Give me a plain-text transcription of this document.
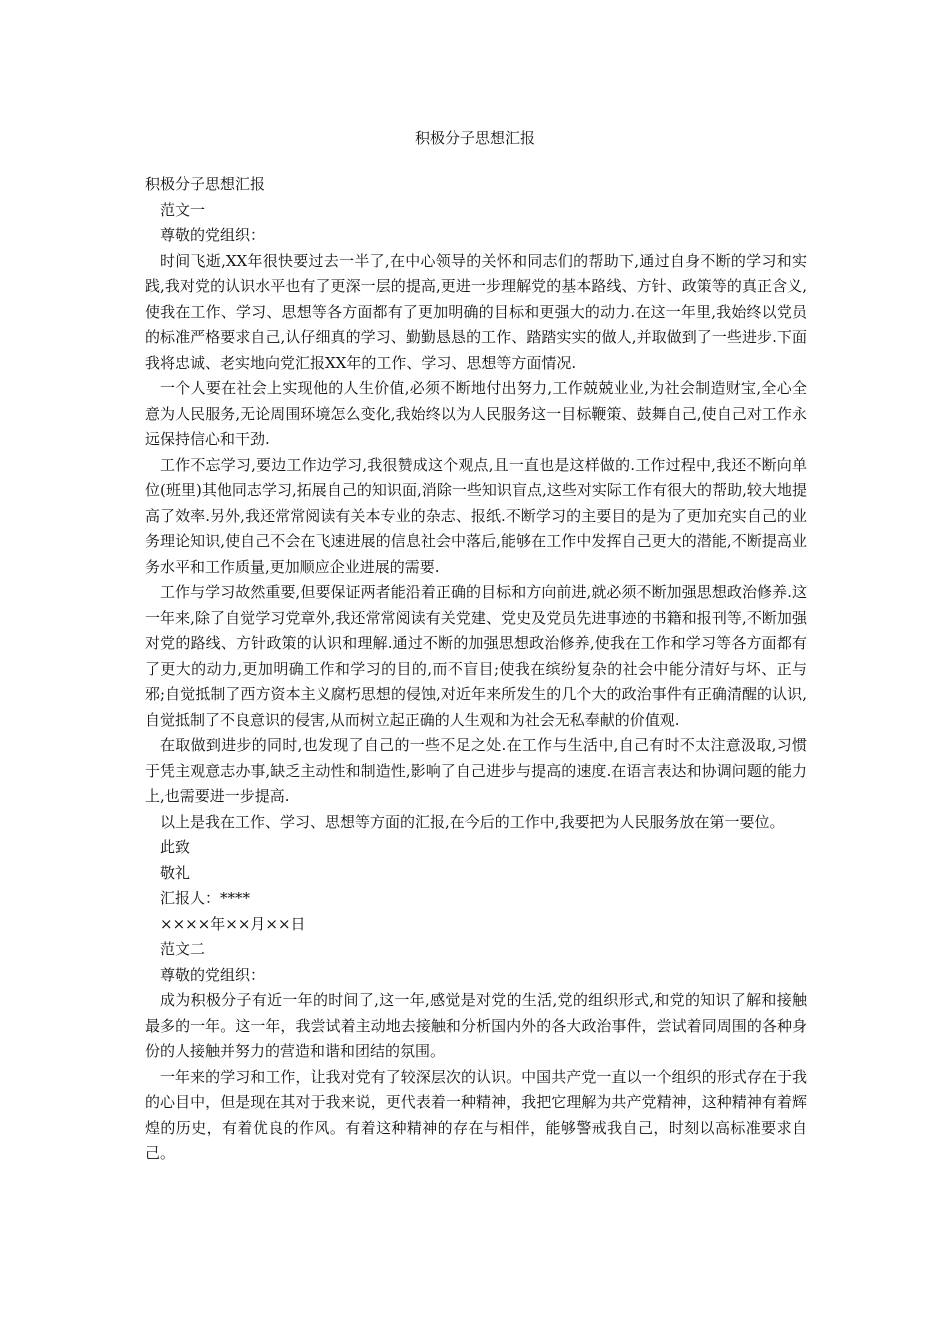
积极分子思想汇报

积极分子思想汇报

范文一

尊敬的党组织：

时间飞逝,XX年很快要过去一半了,在中心领导的关怀和同志们的帮助下,通过自身不断的学习和实践,我对党的认识水平也有了更深一层的提高,更进一步理解党的基本路线、方针、政策等的真正含义,使我在工作、学习、思想等各方面都有了更加明确的目标和更强大的动力.在这一年里,我始终以党员的标准严格要求自己,认仔细真的学习、勤勤恳恳的工作、踏踏实实的做人,并取做到了一些进步.下面我将忠诚、老实地向党汇报XX年的工作、学习、思想等方面情况.

一个人要在社会上实现他的人生价值,必须不断地付出努力,工作兢兢业业,为社会制造财宝,全心全意为人民服务,无论周围环境怎么变化,我始终以为人民服务这一目标鞭策、鼓舞自己,使自己对工作永远保持信心和干劲.

工作不忘学习,要边工作边学习,我很赞成这个观点,且一直也是这样做的.工作过程中,我还不断向单位(班里)其他同志学习,拓展自己的知识面,消除一些知识盲点,这些对实际工作有很大的帮助,较大地提高了效率.另外,我还常常阅读有关本专业的杂志、报纸.不断学习的主要目的是为了更加充实自己的业务理论知识,使自己不会在飞速进展的信息社会中落后,能够在工作中发挥自己更大的潜能,不断提高业务水平和工作质量,更加顺应企业进展的需要.

工作与学习故然重要,但要保证两者能沿着正确的目标和方向前进,就必须不断加强思想政治修养.这一年来,除了自觉学习党章外,我还常常阅读有关党建、党史及党员先进事迹的书籍和报刊等,不断加强对党的路线、方针政策的认识和理解.通过不断的加强思想政治修养,使我在工作和学习等各方面都有了更大的动力,更加明确工作和学习的目的,而不盲目;使我在缤纷复杂的社会中能分清好与坏、正与邪;自觉抵制了西方资本主义腐朽思想的侵蚀,对近年来所发生的几个大的政治事件有正确清醒的认识,自觉抵制了不良意识的侵害,从而树立起正确的人生观和为社会无私奉献的价值观.

在取做到进步的同时,也发现了自己的一些不足之处.在工作与生活中,自己有时不太注意汲取,习惯于凭主观意志办事,缺乏主动性和制造性,影响了自己进步与提高的速度.在语言表达和协调问题的能力上,也需要进一步提高.

以上是我在工作、学习、思想等方面的汇报,在今后的工作中,我要把为人民服务放在第一要位。

此致

敬礼

汇报人：****

××××年××月××日

范文二

尊敬的党组织：

成为积极分子有近一年的时间了,这一年,感觉是对党的生活,党的组织形式,和党的知识了解和接触最多的一年。这一年，我尝试着主动地去接触和分析国内外的各大政治事件，尝试着同周围的各种身份的人接触并努力的营造和谐和团结的氛围。

一年来的学习和工作，让我对党有了较深层次的认识。中国共产党一直以一个组织的形式存在于我的心目中，但是现在其对于我来说，更代表着一种精神，我把它理解为共产党精神，这种精神有着辉煌的历史，有着优良的作风。有着这种精神的存在与相伴，能够警戒我自己，时刻以高标准要求自己。
